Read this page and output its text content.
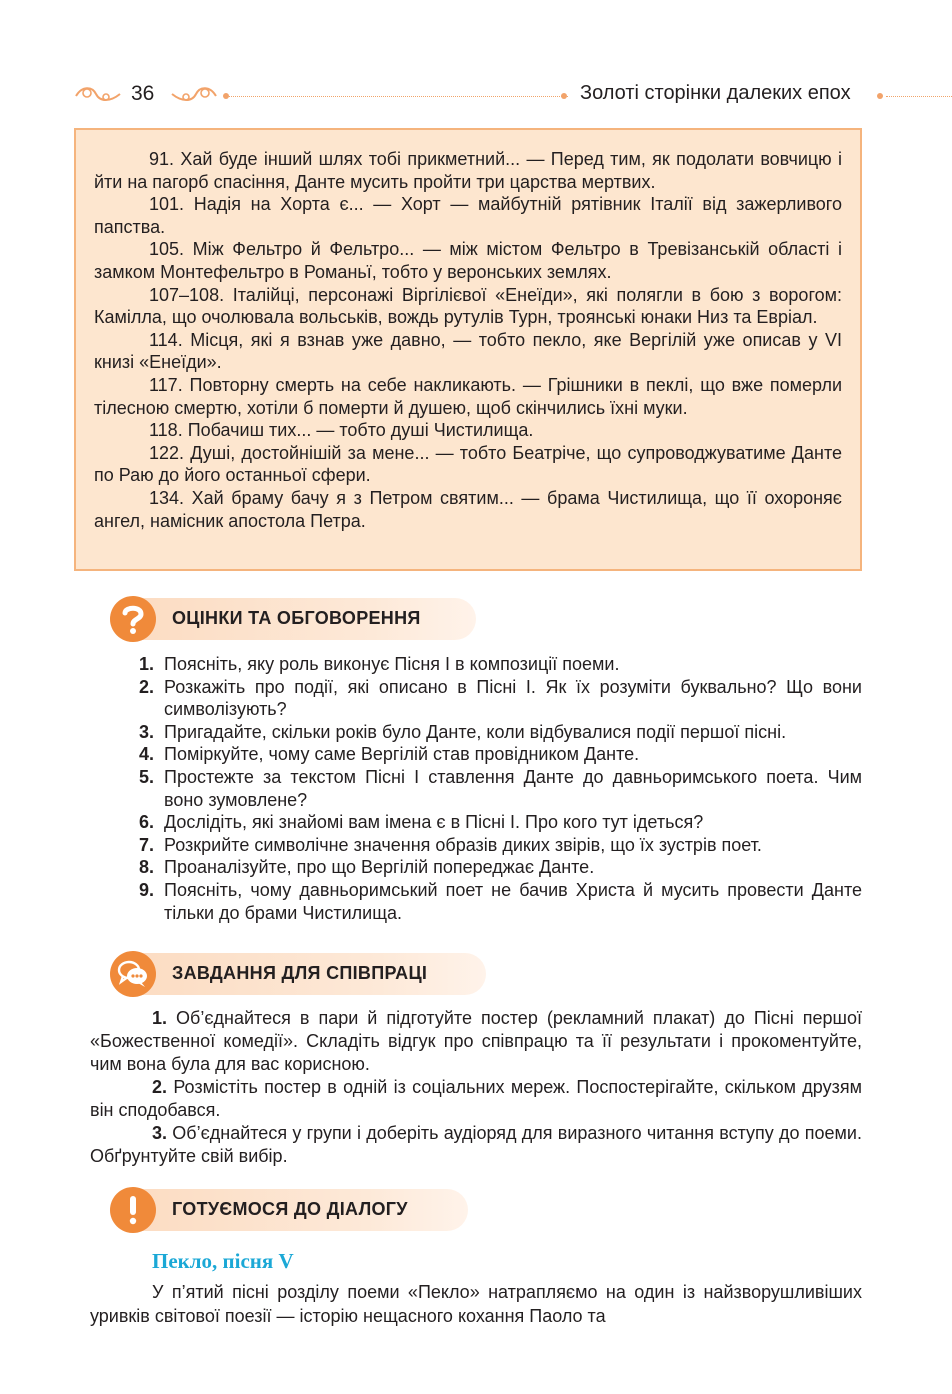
36	Золоті сторінки далеких епох

91. Хай буде інший шлях тобі прикметний... — Перед тим, як подолати вовчицю і йти на пагорб спасіння, Данте мусить пройти три царства мертвих.

101. Надія на Хорта є... — Хорт — майбутній рятівник Італії від зажерливого папства.

105. Між Фельтро й Фельтро... — між містом Фельтро в Тревізанській області і замком Монтефельтро в Романьї, тобто у веронських землях.

107–108. Італійці, персонажі Віргілієвої «Енеїди», які полягли в бою з ворогом: Камілла, що очолювала вольськів, вождь рутулів Турн, троянські юнаки Низ та Евріал.

114. Місця, які я взнав уже давно, — тобто пекло, яке Вергілій уже описав у VI книзі «Енеїди».

117. Повторну смерть на себе накликають. — Грішники в пеклі, що вже померли тілесною смертю, хотіли б померти й душею, щоб скінчились їхні муки.

118. Побачиш тих... — тобто душі Чистилища.

122. Душі, достойнішій за мене... — тобто Беатріче, що супроводжуватиме Данте по Раю до його останньої сфери.

134. Хай браму бачу я з Петром святим... — брама Чистилища, що її охороняє ангел, намісник апостола Петра.

ОЦІНКИ ТА ОБГОВОРЕННЯ
1. Поясніть, яку роль виконує Пісня І в композиції поеми.
2. Розкажіть про події, які описано в Пісні І. Як їх розуміти буквально? Що вони символізують?
3. Пригадайте, скільки років було Данте, коли відбувалися події першої пісні.
4. Поміркуйте, чому саме Вергілій став провідником Данте.
5. Простежте за текстом Пісні І ставлення Данте до давньоримського поета. Чим воно зумовлене?
6. Дослідіть, які знайомі вам імена є в Пісні І. Про кого тут ідеться?
7. Розкрийте символічне значення образів диких звірів, що їх зустрів поет.
8. Проаналізуйте, про що Вергілій попереджає Данте.
9. Поясніть, чому давньоримський поет не бачив Христа й мусить провести Данте тільки до брами Чистилища.
ЗАВДАННЯ ДЛЯ СПІВПРАЦІ

1. Об’єднайтеся в пари й підготуйте постер (рекламний плакат) до Пісні першої «Божественної комедії». Складіть відгук про співпрацю та її результати і прокоментуйте, чим вона була для вас корисною.

2. Розмістіть постер в одній із соціальних мереж. Поспостерігайте, скільком друзям він сподобався.

3. Об’єднайтеся у групи і доберіть аудіоряд для виразного читання вступу до поеми. Обґрунтуйте свій вибір.

ГОТУЄМОСЯ ДО ДІАЛОГУ
Пекло, пісня V

У п’ятий пісні розділу поеми «Пекло» натрапляємо на один із найзворушливіших уривків світової поезії — історію нещасного кохання Паоло та
